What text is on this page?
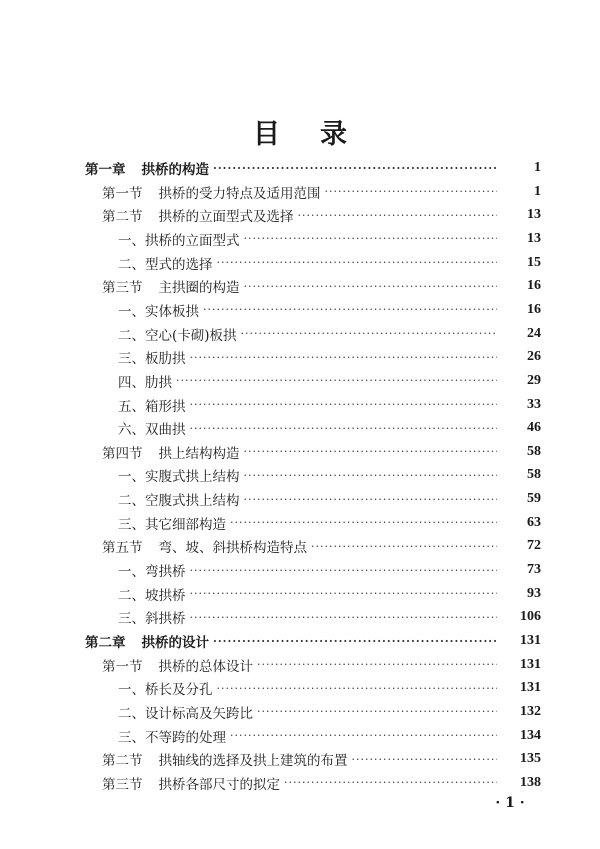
目录
第一章 拱桥的构造 ·····	1
第一节 拱桥的受力特点及适用范围 ·····	1
第二节 拱桥的立面型式及选择 ·····	13
一、拱桥的立面型式 ·····	13
二、型式的选择 ·····	15
第三节 主拱圈的构造 ·····	16
一、实体板拱 ·····	16
二、空心(卡砌)板拱 ·····	24
三、板肋拱 ·····	26
四、肋拱 ·····	29
五、箱形拱 ·····	33
六、双曲拱 ·····	46
第四节 拱上结构构造 ·····	58
一、实腹式拱上结构 ·····	58
二、空腹式拱上结构 ·····	59
三、其它细部构造 ·····	63
第五节 弯、坡、斜拱桥构造特点 ·····	72
一、弯拱桥 ·····	73
二、坡拱桥 ·····	93
三、斜拱桥 ·····	106
第二章 拱桥的设计 ·····	131
第一节 拱桥的总体设计 ·····	131
一、桥长及分孔 ·····	131
二、设计标高及矢跨比 ·····	132
三、不等跨的处理 ·····	134
第二节 拱轴线的选择及拱上建筑的布置 ·····	135
第三节 拱桥各部尺寸的拟定 ·····	138
· 1 ·
